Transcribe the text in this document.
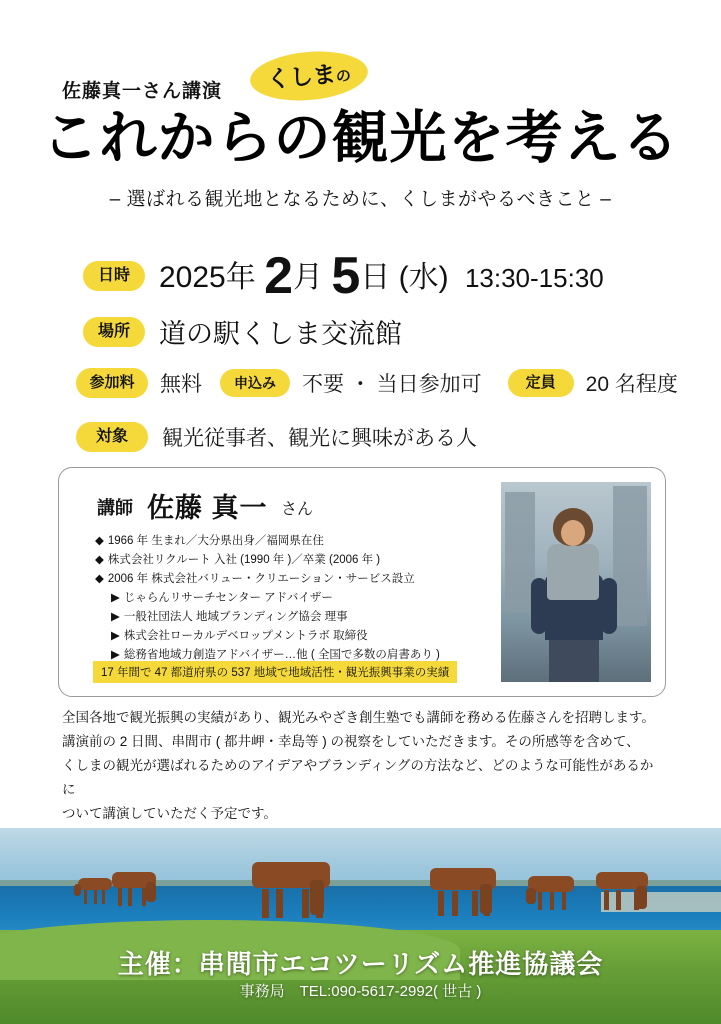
佐藤真一さん講演	くしまの
これからの観光を考える
– 選ばれる観光地となるために、くしまがやるべきこと –
日時 2025年 2月 5日 (水) 13:30-15:30
場所	道の駅くしま交流館
参加料	無料	申込み	不要 ・ 当日参加可	定員	20 名程度
対象	観光従事者、観光に興味がある人
講師 佐藤 真一 さん
◆ 1966 年 生まれ／大分県出身／福岡県在住
◆ 株式会社リクルート 入社 (1990 年 )／卒業 (2006 年 )
◆ 2006 年 株式会社バリュー・クリエーション・サービス設立
▶ じゃらんリサーチセンター アドバイザー
▶ 一般社団法人 地域ブランディング協会 理事
▶ 株式会社ローカルデベロップメントラボ 取締役
▶ 総務省地域力創造アドバイザー…他 ( 全国で多数の肩書あり )
17 年間で 47 都道府県の 537 地域で地域活性・観光振興事業の実績
全国各地で観光振興の実績があり、観光みやざき創生塾でも講師を務める佐藤さんを招聘します。
講演前の 2 日間、串間市 ( 都井岬・幸島等 ) の視察をしていただきます。その所感等を含めて、
くしまの観光が選ばれるためのアイデアやブランディングの方法など、どのような可能性があるかに
ついて講演していただく予定です。
主催：串間市エコツーリズム推進協議会
事務局　TEL:090-5617-2992( 世古 )
